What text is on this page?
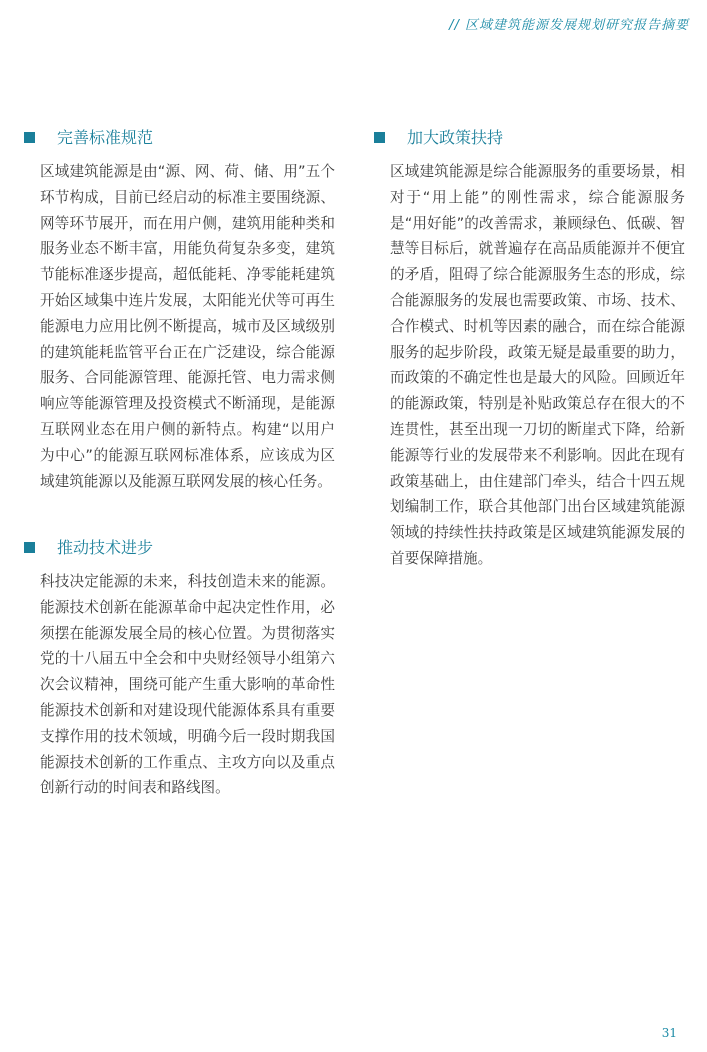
// 区域建筑能源发展规划研究报告摘要
完善标准规范
区域建筑能源是由“源、网、荷、储、用”五个环节构成，目前已经启动的标准主要围绕源、网等环节展开，而在用户侧，建筑用能种类和服务业态不断丰富，用能负荷复杂多变，建筑节能标准逐步提高，超低能耗、净零能耗建筑开始区域集中连片发展，太阳能光伏等可再生能源电力应用比例不断提高，城市及区域级别的建筑能耗监管平台正在广泛建设，综合能源服务、合同能源管理、能源托管、电力需求侧响应等能源管理及投资模式不断涌现，是能源互联网业态在用户侧的新特点。构建“以用户为中心”的能源互联网标准体系，应该成为区域建筑能源以及能源互联网发展的核心任务。
推动技术进步
科技决定能源的未来，科技创造未来的能源。能源技术创新在能源革命中起决定性作用，必须摆在能源发展全局的核心位置。为贯彻落实党的十八届五中全会和中央财经领导小组第六次会议精神，围绕可能产生重大影响的革命性能源技术创新和对建设现代能源体系具有重要支撑作用的技术领域，明确今后一段时期我国能源技术创新的工作重点、主攻方向以及重点创新行动的时间表和路线图。
加大政策扶持
区域建筑能源是综合能源服务的重要场景，相对于“用上能”的刚性需求，综合能源服务是“用好能”的改善需求，兼顾绿色、低碳、智慧等目标后，就普遍存在高品质能源并不便宜的矛盾，阻碍了综合能源服务生态的形成，综合能源服务的发展也需要政策、市场、技术、合作模式、时机等因素的融合，而在综合能源服务的起步阶段，政策无疑是最重要的助力，而政策的不确定性也是最大的风险。回顾近年的能源政策，特别是补贴政策总存在很大的不连贯性，甚至出现一刀切的断崖式下降，给新能源等行业的发展带来不利影响。因此在现有政策基础上，由住建部门牵头，结合十四五规划编制工作，联合其他部门出台区域建筑能源领域的持续性扶持政策是区域建筑能源发展的首要保障措施。
31
